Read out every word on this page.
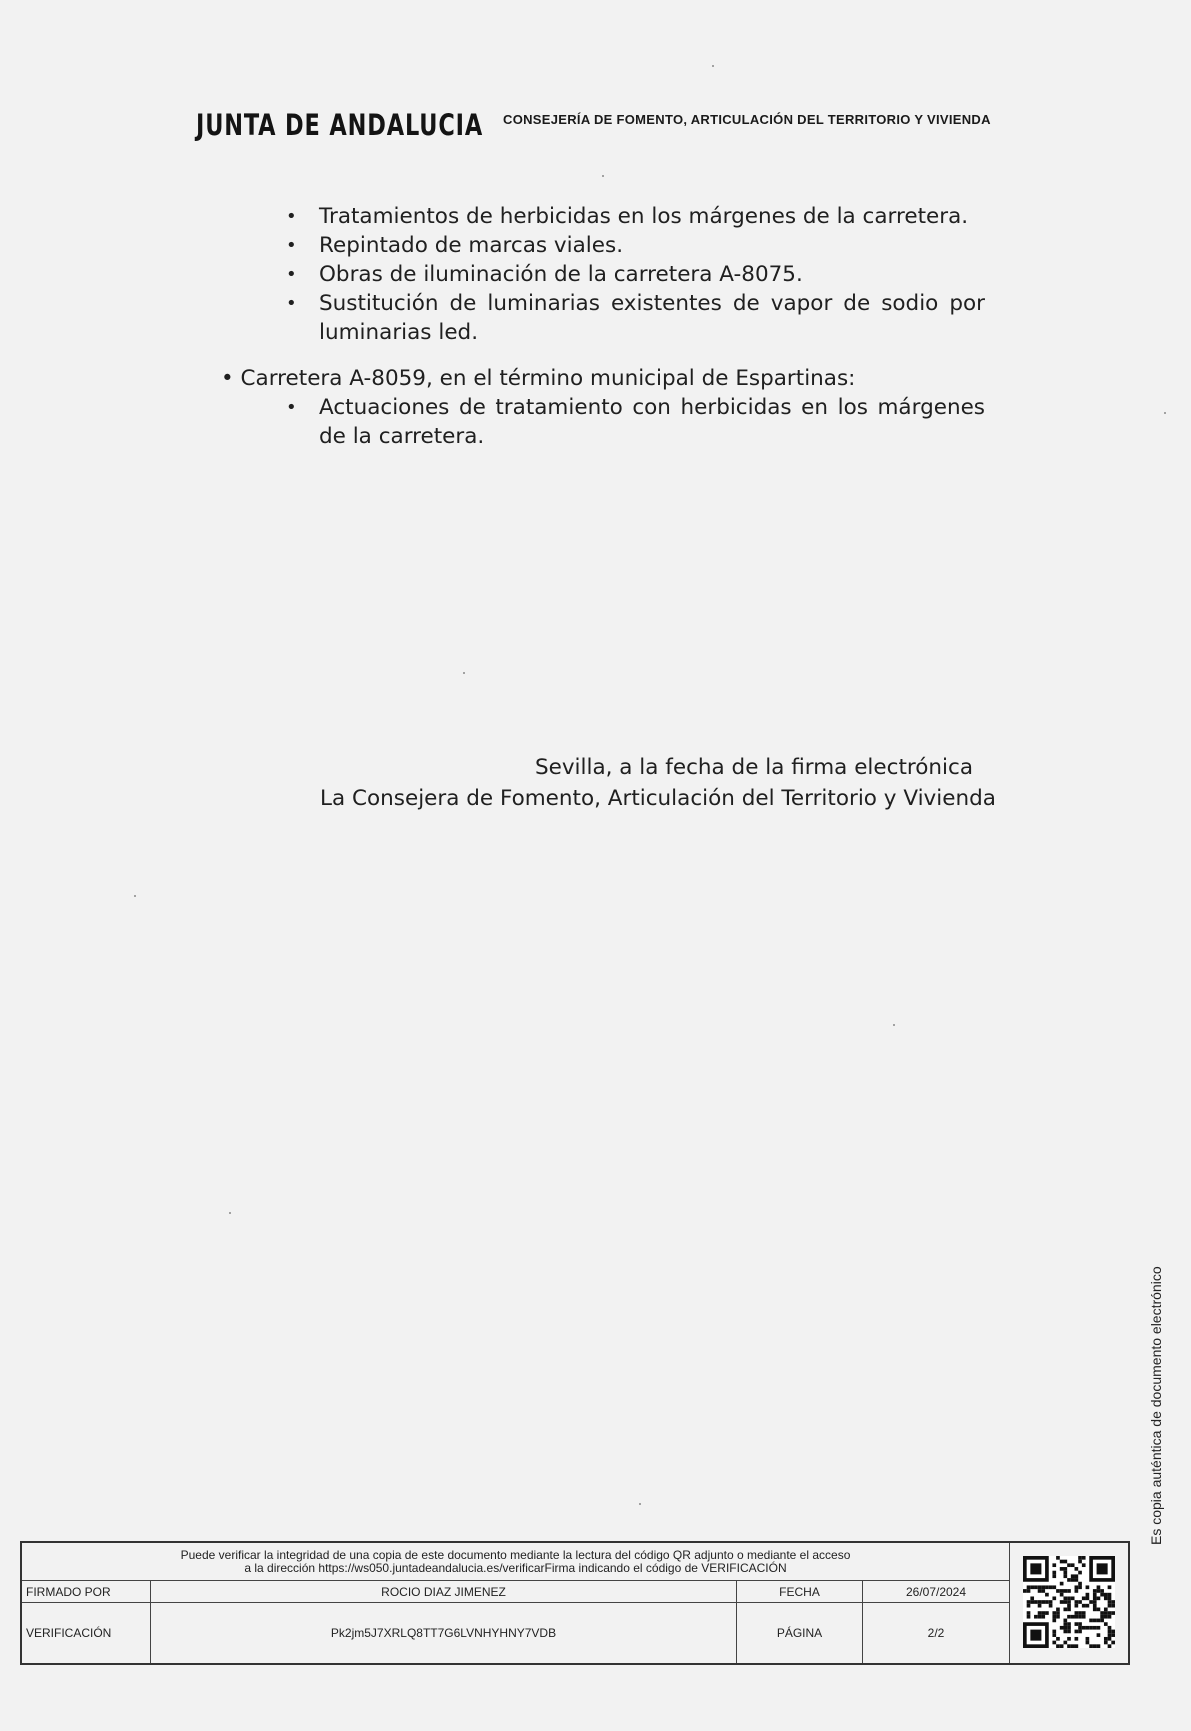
JUNTA DE ANDALUCIA CONSEJERÍA DE FOMENTO, ARTICULACIÓN DEL TERRITORIO Y VIVIENDA
• Tratamientos de herbicidas en los márgenes de la carretera.
• Repintado de marcas viales.
• Obras de iluminación de la carretera A-8075.
• Sustitución de luminarias existentes de vapor de sodio por luminarias led.
• Carretera A-8059, en el término municipal de Espartinas:
• Actuaciones de tratamiento con herbicidas en los márgenes de la carretera.
Sevilla, a la fecha de la firma electrónica
La Consejera de Fomento, Articulación del Territorio y Vivienda
Es copia auténtica de documento electrónico
Puede verificar la integridad de una copia de este documento mediante la lectura del código QR adjunto o mediante el acceso
a la dirección https://ws050.juntadeandalucia.es/verificarFirma indicando el código de VERIFICACIÓN

FIRMADO POR	ROCIO DIAZ JIMENEZ	FECHA	26/07/2024	
VERIFICACIÓN	Pk2jm5J7XRLQ8TT7G6LVNHYHNY7VDB	PÁGINA	2/2	
